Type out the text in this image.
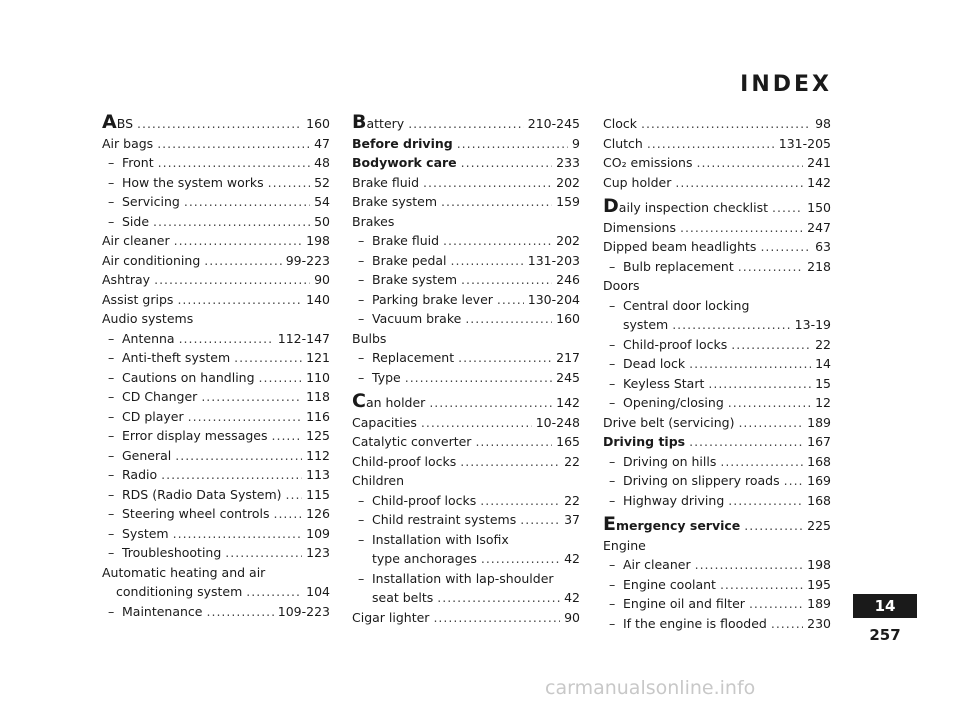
INDEX
ABS .....	160
Air bags .....	47
– Front .....	48
– How the system works .....	52
– Servicing .....	54
– Side .....	50
Air cleaner .....	198
Air conditioning .....	99-223
Ashtray .....	90
Assist grips .....	140
Audio systems
– Antenna .....	112-147
– Anti-theft system .....	121
– Cautions on handling .....	110
– CD Changer .....	118
– CD player .....	116
– Error display messages .....	125
– General .....	112
– Radio .....	113
– RDS (Radio Data System) ..... 115
– Steering wheel controls .....	126
– System .....	109
– Troubleshooting .....	123
Automatic heating and air
conditioning system .....	104
– Maintenance .....	109-223
Battery .....	210-245
Before driving .....	9
Bodywork care .....	233
Brake fluid .....	202
Brake system .....	159
Brakes
– Brake fluid .....	202
– Brake pedal .....	131-203
– Brake system .....	246
– Parking brake lever .....	130-204
– Vacuum brake .....	160
Bulbs
– Replacement .....	217
– Type .....	245
Can holder .....	142
Capacities .....	10-248
Catalytic converter .....	165
Child-proof locks .....	22
Children
– Child-proof locks .....	22
– Child restraint systems .....	37
– Installation with Isofix
type anchorages .....	42
– Installation with lap-shoulder
seat belts .....	42
Cigar lighter .....	90
Clock .....	98
Clutch .....	131-205
CO₂ emissions .....	241
Cup holder .....	142
Daily inspection checklist .....	150
Dimensions .....	247
Dipped beam headlights .....	63
– Bulb replacement .....	218
Doors
– Central door locking
system .....	13-19
– Child-proof locks .....	22
– Dead lock .....	14
– Keyless Start .....	15
– Opening/closing .....	12
Drive belt (servicing) .....	189
Driving tips .....	167
– Driving on hills .....	168
– Driving on slippery roads ..... 169
– Highway driving .....	168
Emergency service .....	225
Engine
– Air cleaner .....	198
– Engine coolant .....	195
– Engine oil and filter .....	189
– If the engine is flooded .....	230
14
257
carmanualsonline.info
